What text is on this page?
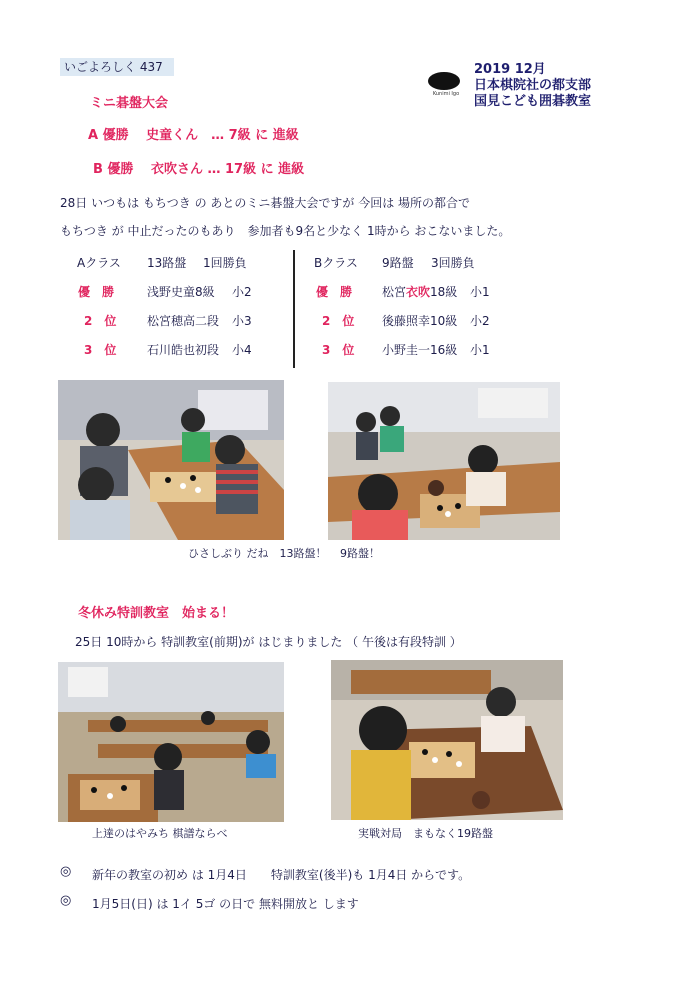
いごよろしく 437
Kunimi Igo
2019 12月
日本棋院社の都支部
国見こども囲碁教室
ミニ碁盤大会
A 優勝　 史童くん　… 7級 に 進級
B 優勝　 衣吹さん … 17級 に 進級
28日 いつもは もちつき の あとのミニ碁盤大会ですが 今回は 場所の都合で
もちつき が 中止だったのもあり　参加者も9名と少なく 1時から おこないました。
Aクラス 13路盤 1回勝負
優　勝	浅野史童8級 小2
2　位	松宮穂高二段 小3
3　位	石川皓也初段 小4
Bクラス 9路盤 3回勝負
優　勝 松宮衣吹18級 小1
2　位 後藤照幸10級 小2
3　位 小野圭一16級 小1
ひさしぶり だね　13路盤！ 9路盤！
冬休み特訓教室　始まる！
25日 10時から 特訓教室(前期)が はじまりました （ 午後は有段特訓 ）
上達のはやみち 棋譜ならべ	実戦対局　まもなく19路盤
◎ 新年の教室の初め は 1月4日　　特訓教室(後半)も 1月4日 からです。
◎ 1月5日(日) は 1イ 5ゴ の日で 無料開放と します
